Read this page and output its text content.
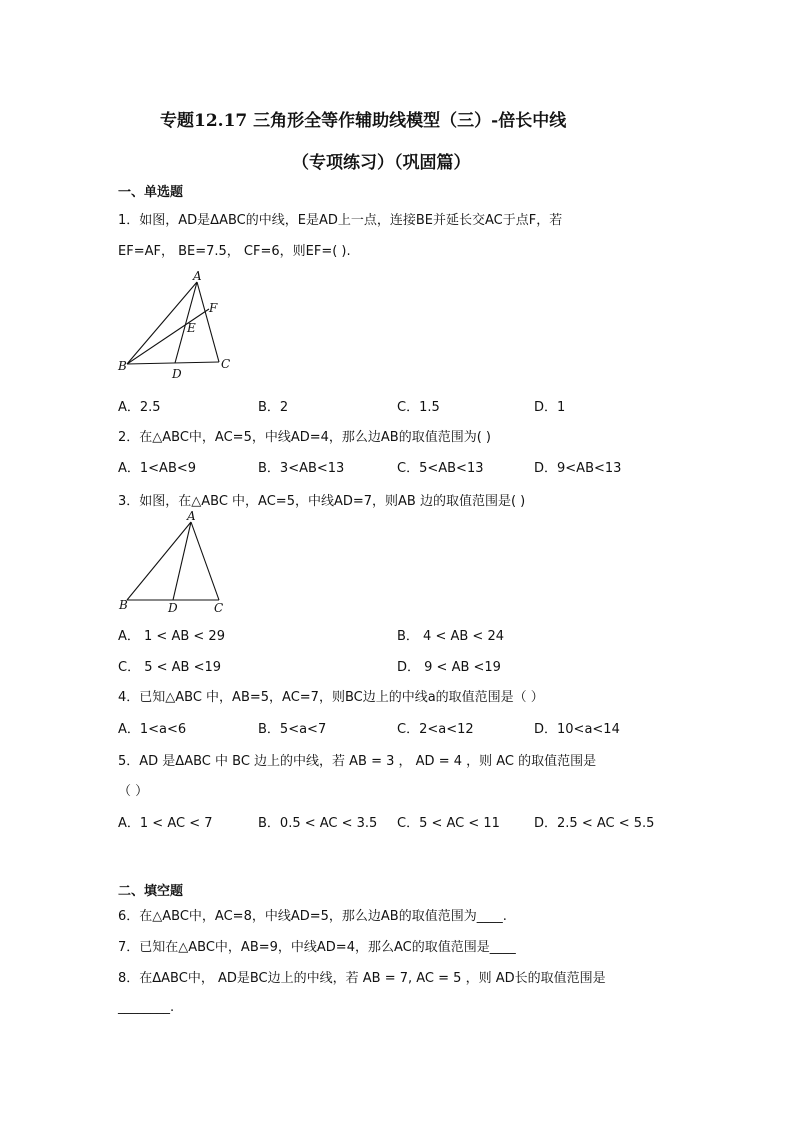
专题12.17 三角形全等作辅助线模型（三）-倍长中线
（专项练习）（巩固篇）
一、单选题
1．如图，AD是ΔABC的中线，E是AD上一点，连接BE并延长交AC于点F，若
EF=AF， BE=7.5， CF=6，则EF=( ).
A
B	C
D
E
F
A．2.5	B．2	C．1.5	D．1
2．在△ABC中，AC=5，中线AD=4，那么边AB的取值范围为( )
A．1<AB<9	B．3<AB<13	C．5<AB<13	D．9<AB<13
3．如图，在△ABC 中，AC=5，中线AD=7，则AB 边的取值范围是( )
A
B	C
D
A． 1 < AB < 29	B． 4 < AB < 24
C． 5 < AB <19	D． 9 < AB <19
4．已知△ABC 中，AB=5，AC=7，则BC边上的中线a的取值范围是（ ）
A．1<a<6	B．5<a<7	C．2<a<12	D．10<a<14
5．AD 是ΔABC 中 BC 边上的中线，若 AB = 3 ， AD = 4 ，则 AC 的取值范围是
（ ）
A．1 < AC < 7	B．0.5 < AC < 3.5 C．5 < AC < 11	D．2.5 < AC < 5.5
二、填空题
6．在△ABC中，AC=8，中线AD=5，那么边AB的取值范围为____.
7．已知在△ABC中，AB=9，中线AD=4，那么AC的取值范围是____
8．在ΔABC中， AD是BC边上的中线，若 AB = 7, AC = 5 ，则 AD长的取值范围是
________.
